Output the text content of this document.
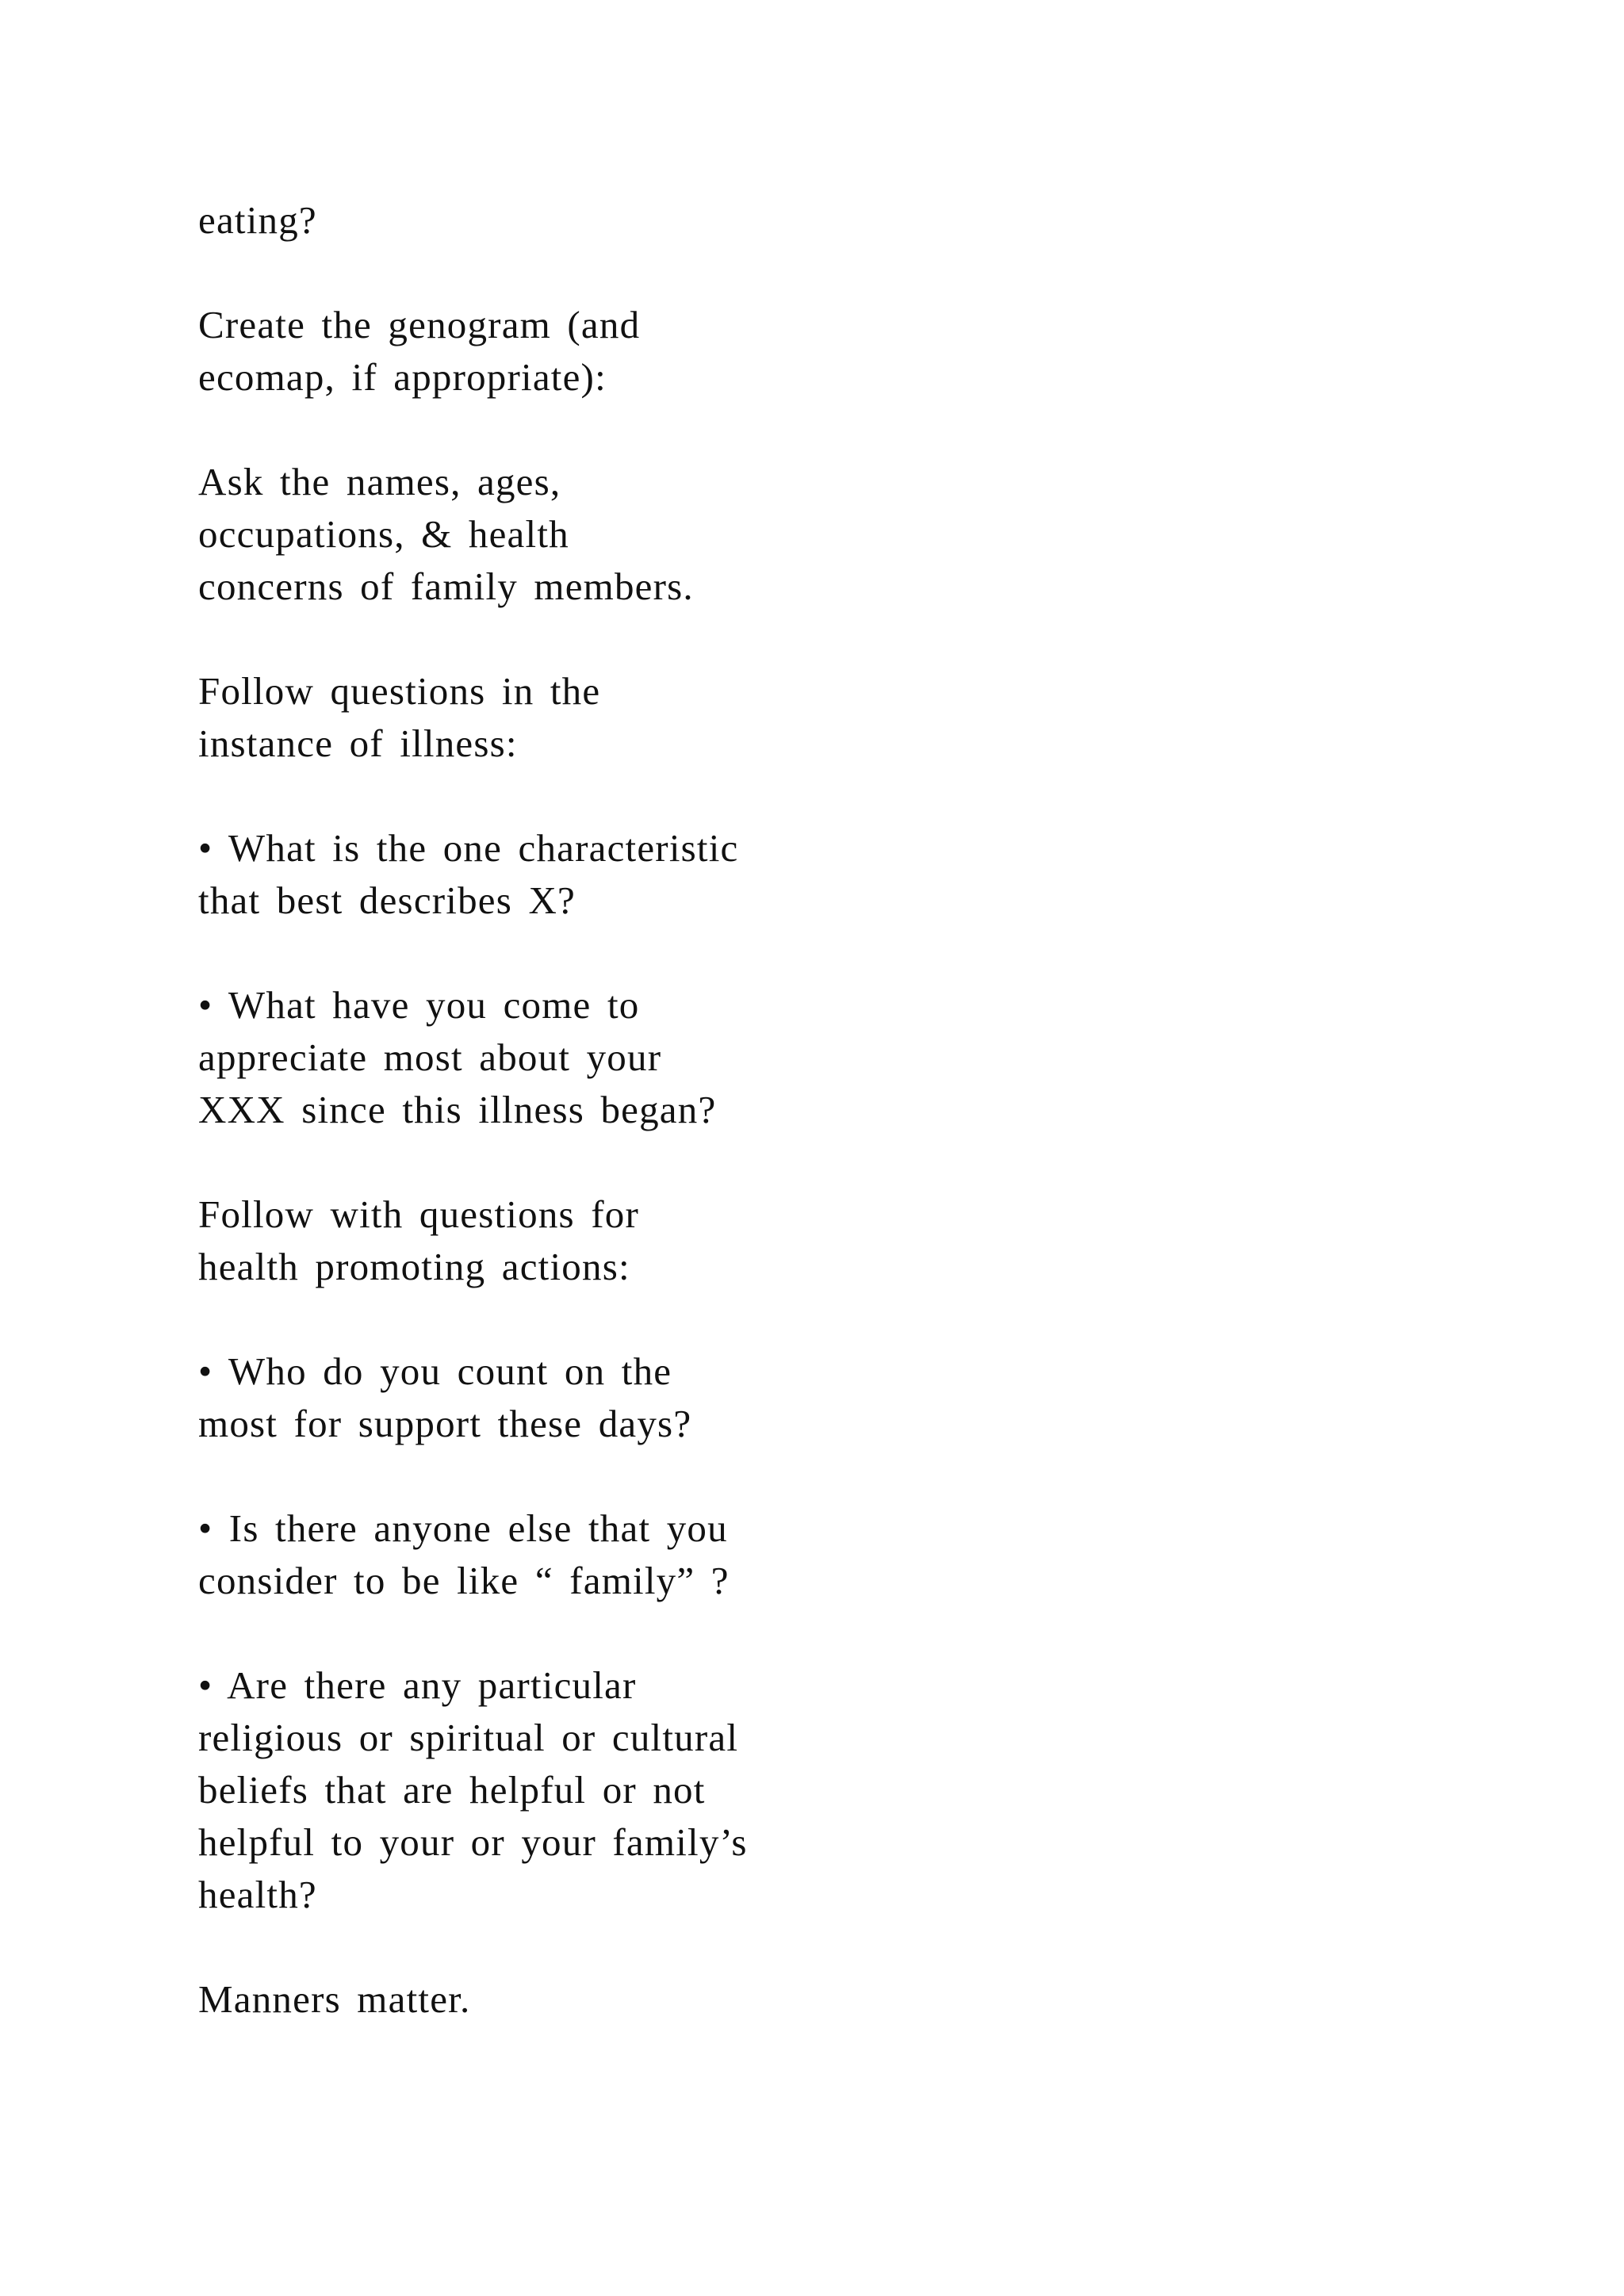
eating?
Create the genogram (and
ecomap, if appropriate):
Ask the names, ages,
occupations, & health
concerns of family members.
Follow questions in the
instance of illness:
• What is the one characteristic
that best describes X?
• What have you come to
appreciate most about your
XXX since this illness began?
Follow with questions for
health promoting actions:
• Who do you count on the
most for support these days?
• Is there anyone else that you
consider to be like “ family” ?
• Are there any particular
religious or spiritual or cultural
beliefs that are helpful or not
helpful to your or your family’s
health?
Manners matter.
